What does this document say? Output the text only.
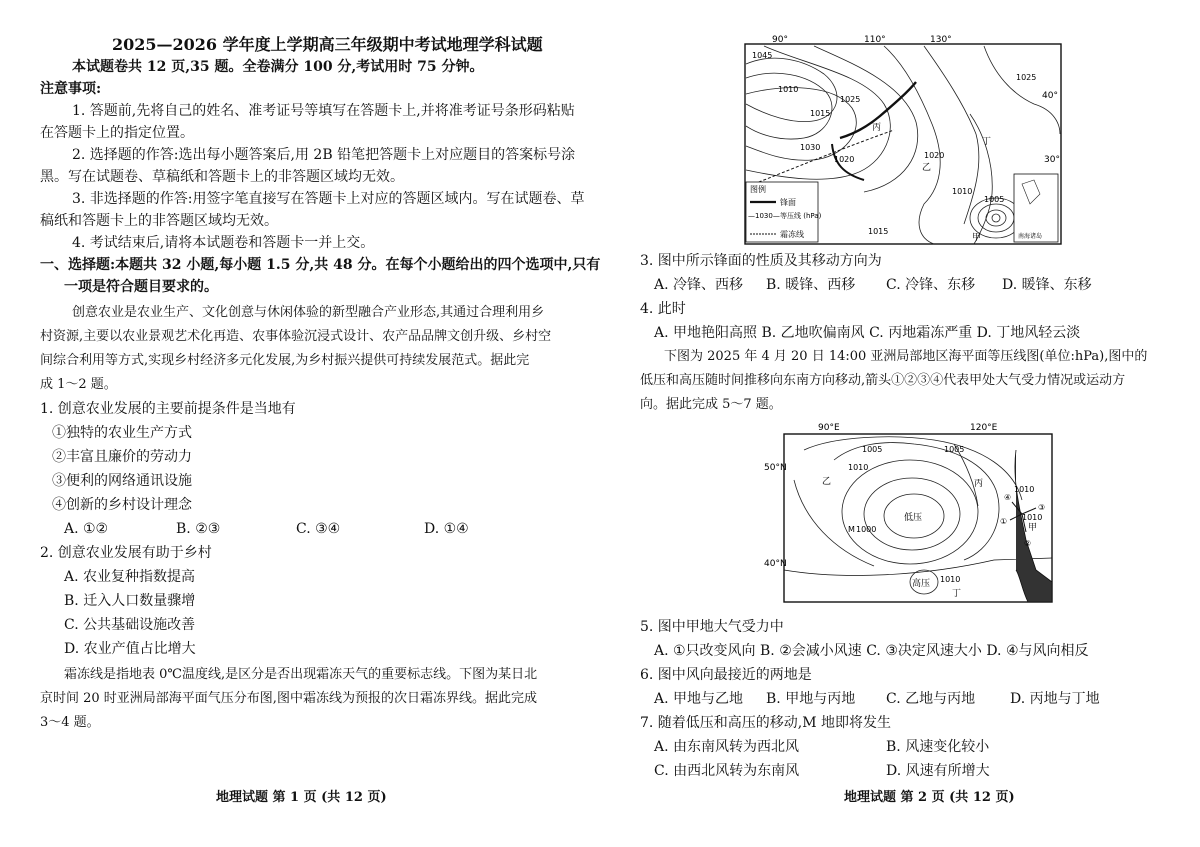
2025—2026 学年度上学期高三年级期中考试地理学科试题
本试题卷共 12 页,35 题。全卷满分 100 分,考试用时 75 分钟。
注意事项:
1. 答题前,先将自己的姓名、准考证号等填写在答题卡上,并将准考证号条形码粘贴
在答题卡上的指定位置。
2. 选择题的作答:选出每小题答案后,用 2B 铅笔把答题卡上对应题目的答案标号涂
黑。写在试题卷、草稿纸和答题卡上的非答题区域均无效。
3. 非选择题的作答:用签字笔直接写在答题卡上对应的答题区域内。写在试题卷、草
稿纸和答题卡上的非答题区域均无效。
4. 考试结束后,请将本试题卷和答题卡一并上交。
一、选择题:本题共 32 小题,每小题 1.5 分,共 48 分。在每个小题给出的四个选项中,只有
一项是符合题目要求的。
创意农业是农业生产、文化创意与休闲体验的新型融合产业形态,其通过合理利用乡
村资源,主要以农业景观艺术化再造、农事体验沉浸式设计、农产品品牌文创升级、乡村空
间综合利用等方式,实现乡村经济多元化发展,为乡村振兴提供可持续发展范式。据此完
成 1～2 题。
1. 创意农业发展的主要前提条件是当地有
①独特的农业生产方式
②丰富且廉价的劳动力
③便利的网络通讯设施
④创新的乡村设计理念
A. ①②	B. ②③	C. ③④	D. ①④
2. 创意农业发展有助于乡村
A. 农业复种指数提高
B. 迁入人口数量骤增
C. 公共基础设施改善
D. 农业产值占比增大
霜冻线是指地表 0℃温度线,是区分是否出现霜冻天气的重要标志线。下图为某日北
京时间 20 时亚洲局部海平面气压分布图,图中霜冻线为预报的次日霜冻界线。据此完成
3～4 题。
地理试题 第 1 页 (共 12 页)
90°	110°	130°
40°
30°
1045
1010
1015
1030
1025
1025
1020	1020
1010
1005
1015
丙
乙
丁
甲
图例
锋面
—1030— 等压线 (hPa)
霜冻线	南海诸岛
3. 图中所示锋面的性质及其移动方向为
A. 冷锋、西移 B. 暖锋、西移 C. 冷锋、东移 D. 暖锋、东移
4. 此时
A. 甲地艳阳高照 B. 乙地吹偏南风 C. 丙地霜冻严重 D. 丁地风轻云淡
下图为 2025 年 4 月 20 日 14:00 亚洲局部地区海平面等压线图(单位:hPa),图中的
低压和高压随时间推移向东南方向移动,箭头①②③④代表甲处大气受力情况或运动方
向。据此完成 5～7 题。
90°E	120°E
50°N
40°N
1005	1005
1010
1010
1000
1010
1010
低压
高压
乙	丙
甲
丁
M
④
①
③
②
5. 图中甲地大气受力中
A. ①只改变风向 B. ②会减小风速 C. ③决定风速大小 D. ④与风向相反
6. 图中风向最接近的两地是
A. 甲地与乙地 B. 甲地与丙地 C. 乙地与丙地 D. 丙地与丁地
7. 随着低压和高压的移动,M 地即将发生
A. 由东南风转为西北风	B. 风速变化较小
C. 由西北风转为东南风	D. 风速有所增大
地理试题 第 2 页 (共 12 页)
